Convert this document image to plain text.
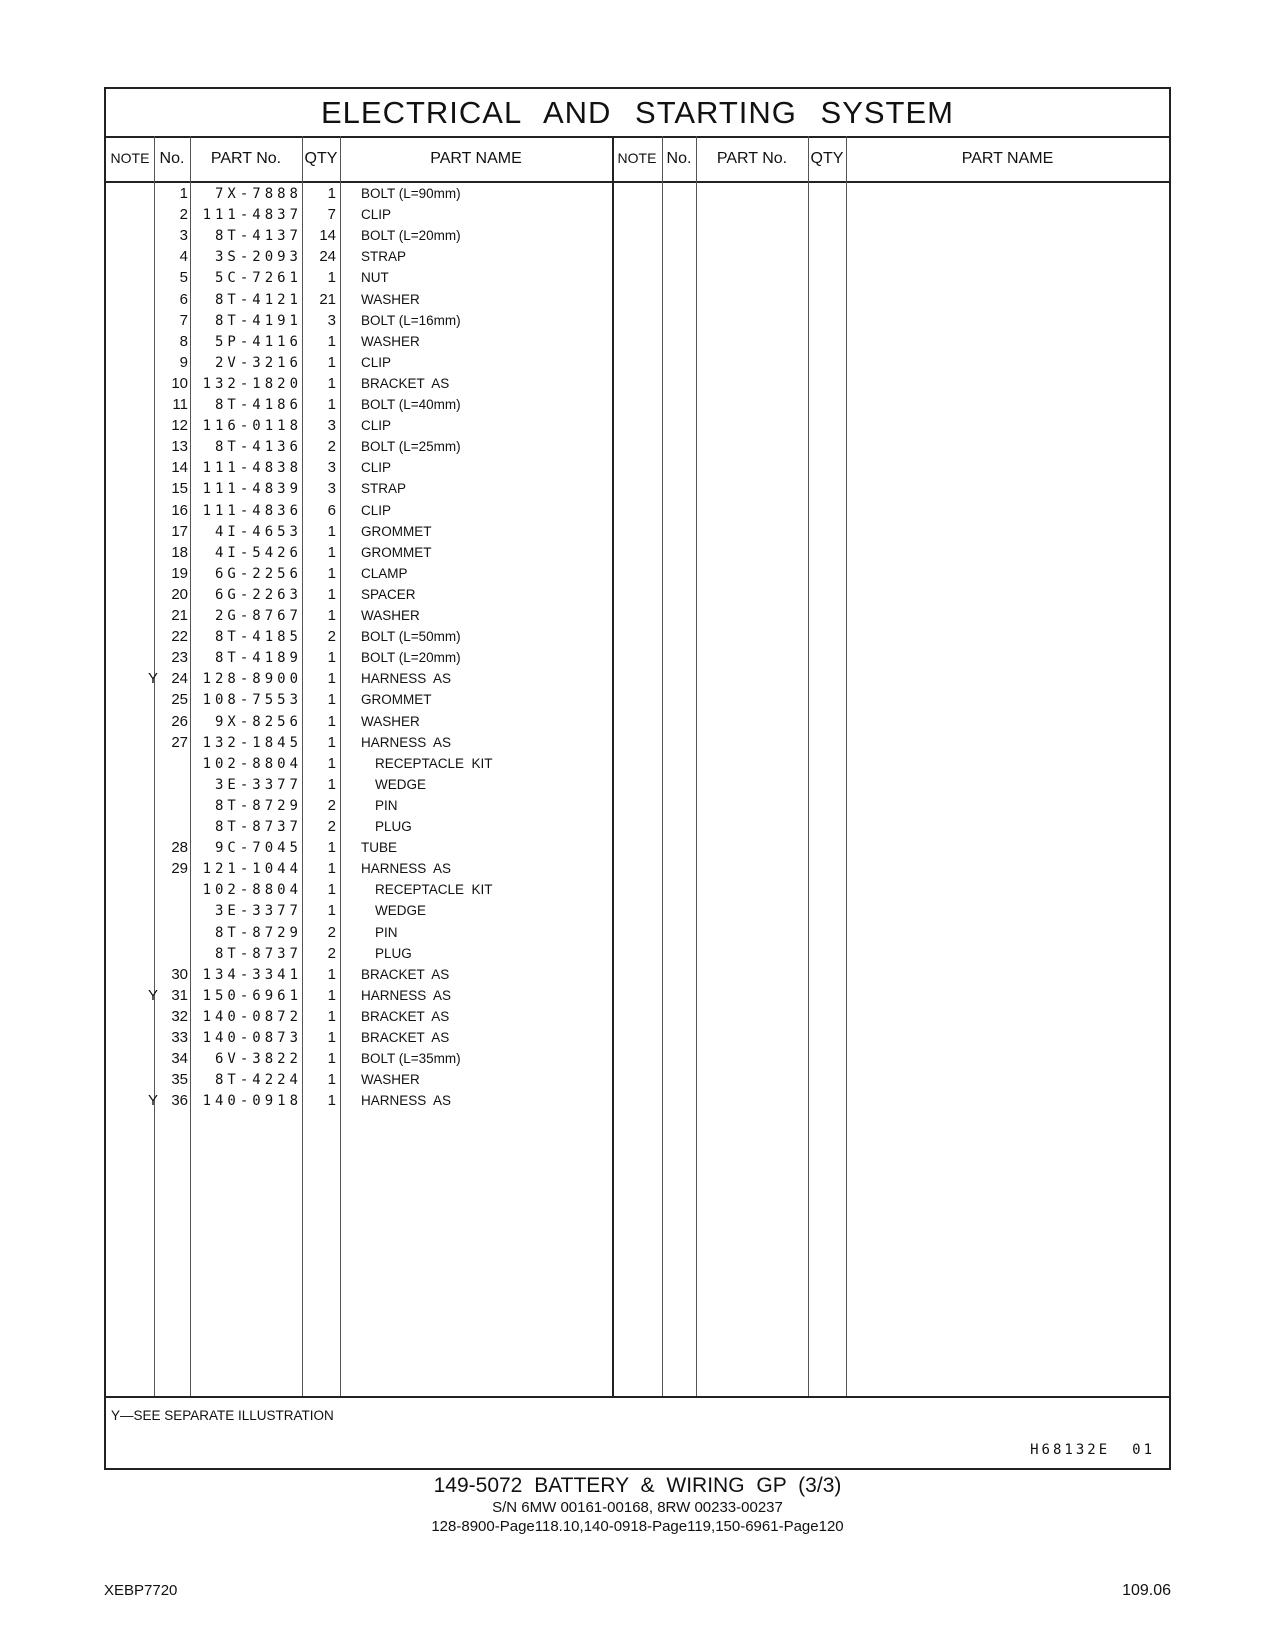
ELECTRICAL AND STARTING SYSTEM
NOTE No.	PART No.	QTY	PART NAME	NOTE No.	PART No.	QTY	PART NAME
1	7X-7888	1 BOLT (L=90mm)
2	111-4837	7 CLIP
3	8T-4137	14 BOLT (L=20mm)
4	3S-2093	24 STRAP
5	5C-7261	1 NUT
6	8T-4121	21 WASHER
7	8T-4191	3 BOLT (L=16mm)
8	5P-4116	1 WASHER
9	2V-3216	1 CLIP
10	132-1820	1 BRACKET  AS
11	8T-4186	1 BOLT (L=40mm)
12	116-0118	3 CLIP
13	8T-4136	2 BOLT (L=25mm)
14	111-4838	3 CLIP
15	111-4839	3 STRAP
16	111-4836	6 CLIP
17	4I-4653	1 GROMMET
18	4I-5426	1 GROMMET
19	6G-2256	1 CLAMP
20	6G-2263	1 SPACER
21	2G-8767	1 WASHER
22	8T-4185	2 BOLT (L=50mm)
23	8T-4189	1 BOLT (L=20mm)
Y 24	128-8900	1 HARNESS  AS
25	108-7553	1 GROMMET
26	9X-8256	1 WASHER
27	132-1845	1 HARNESS  AS
102-8804	1	RECEPTACLE  KIT
3E-3377	1	WEDGE
8T-8729	2	PIN
8T-8737	2	PLUG
28	9C-7045	1 TUBE
29	121-1044	1 HARNESS  AS
102-8804	1	RECEPTACLE  KIT
3E-3377	1	WEDGE
8T-8729	2	PIN
8T-8737	2	PLUG
30	134-3341	1 BRACKET  AS
Y 31	150-6961	1 HARNESS  AS
32	140-0872	1 BRACKET  AS
33	140-0873	1 BRACKET  AS
34	6V-3822	1 BOLT (L=35mm)
35	8T-4224	1 WASHER
Y 36	140-0918	1 HARNESS  AS
Y—SEE SEPARATE ILLUSTRATION
H68132E 01
149-5072 BATTERY & WIRING GP (3/3)
S/N 6MW 00161-00168, 8RW 00233-00237
128-8900-Page118.10,140-0918-Page119,150-6961-Page120
XEBP7720	109.06
